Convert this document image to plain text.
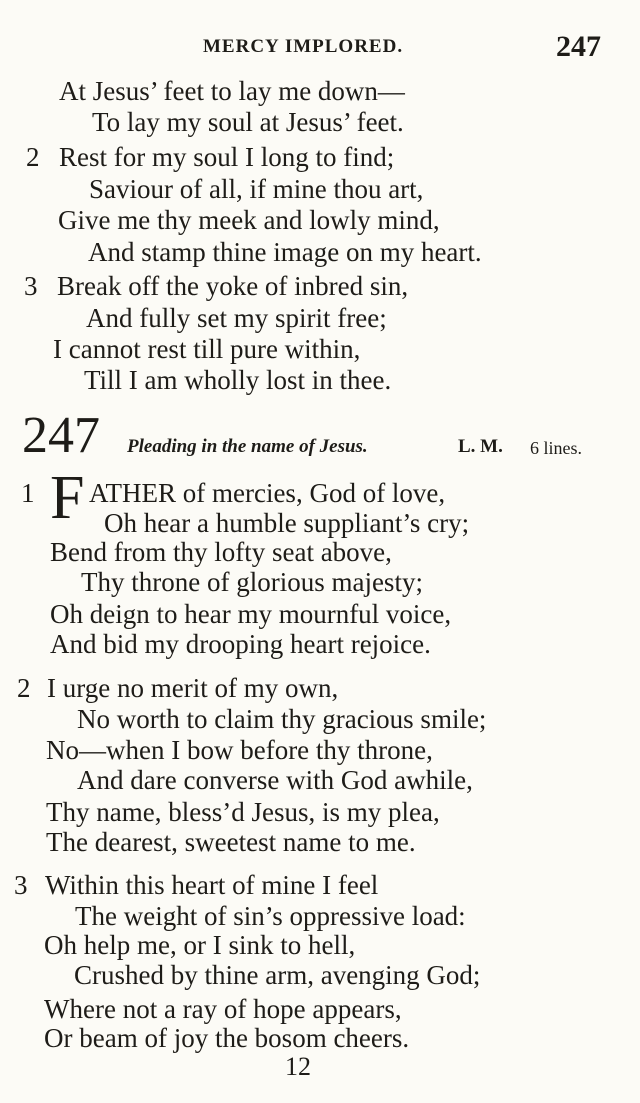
MERCY IMPLORED.	247
At Jesus’ feet to lay me down—
To lay my soul at Jesus’ feet.
2 Rest for my soul I long to find;
Saviour of all, if mine thou art,
Give me thy meek and lowly mind,
And stamp thine image on my heart.
3 Break off the yoke of inbred sin,
And fully set my spirit free;
I cannot rest till pure within,
Till I am wholly lost in thee.
247 Pleading in the name of Jesus.	L. M. 6 lines.
1 F ATHER of mercies, God of love,
Oh hear a humble suppliant’s cry;
Bend from thy lofty seat above,
Thy throne of glorious majesty;
Oh deign to hear my mournful voice,
And bid my drooping heart rejoice.
2 I urge no merit of my own,
No worth to claim thy gracious smile;
No—when I bow before thy throne,
And dare converse with God awhile,
Thy name, bless’d Jesus, is my plea,
The dearest, sweetest name to me.
3 Within this heart of mine I feel
The weight of sin’s oppressive load:
Oh help me, or I sink to hell,
Crushed by thine arm, avenging God;
Where not a ray of hope appears,
Or beam of joy the bosom cheers.
12
